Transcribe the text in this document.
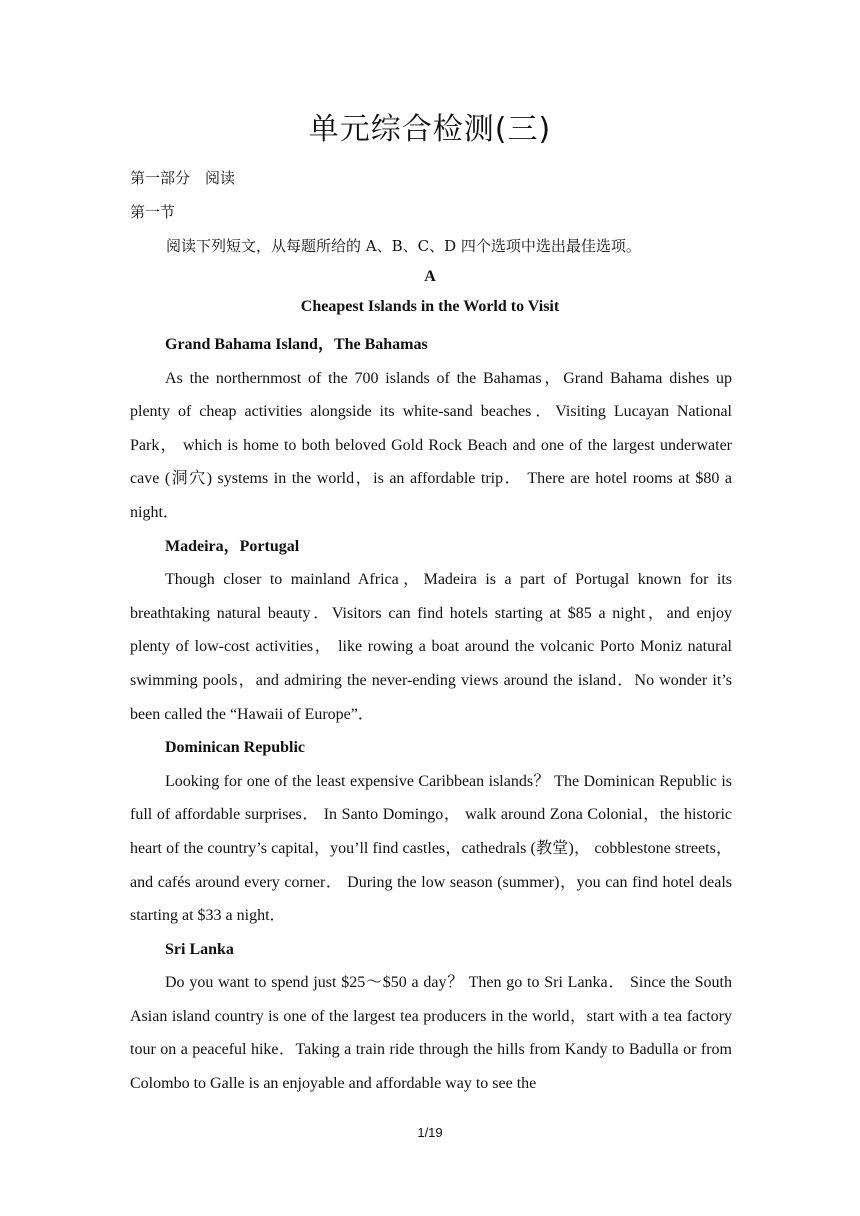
单元综合检测(三)
第一部分　阅读
第一节
阅读下列短文，从每题所给的 A、B、C、D 四个选项中选出最佳选项。
A
Cheapest Islands in the World to Visit

Grand Bahama Island，The Bahamas

As the northernmost of the 700 islands of the Bahamas，Grand Bahama dishes up plenty of cheap activities alongside its white-sand beaches．Visiting Lucayan National Park， which is home to both beloved Gold Rock Beach and one of the largest underwater cave (洞穴) systems in the world，is an affordable trip． There are hotel rooms at $80 a night．

Madeira，Portugal

Though closer to mainland Africa，Madeira is a part of Portugal known for its breathtaking natural beauty．Visitors can find hotels starting at $85 a night，and enjoy plenty of low-cost activities， like rowing a boat around the volcanic Porto Moniz natural swimming pools，and admiring the never-ending views around the island．No wonder it’s been called the “Hawaii of Europe”．

Dominican Republic

Looking for one of the least expensive Caribbean islands？ The Dominican Republic is full of affordable surprises． In Santo Domingo， walk around Zona Colonial，the historic heart of the country’s capital，you’ll find castles，cathedrals (教堂)， cobblestone streets， and cafés around every corner． During the low season (summer)，you can find hotel deals starting at $33 a night．

Sri Lanka

Do you want to spend just $25～$50 a day？ Then go to Sri Lanka． Since the South Asian island country is one of the largest tea producers in the world，start with a tea factory tour on a peaceful hike．Taking a train ride through the hills from Kandy to Badulla or from Colombo to Galle is an enjoyable and affordable way to see the

1/19
